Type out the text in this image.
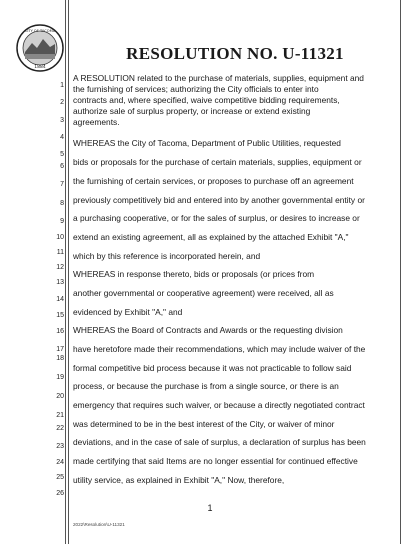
1884
CITY OF TACOMA
RESOLUTION NO. U-11321
1
2
3
4
5
6
7
8
9
10
11
12
13
14
15
16
17
18
19
20
21
22
23
24
25
26
A RESOLUTION related to the purchase of materials, supplies, equipment and
the furnishing of services; authorizing the City officials to enter into
contracts and, where specified, waive competitive bidding requirements,
authorize sale of surplus property, or increase or extend existing
agreements.
WHEREAS the City of Tacoma, Department of Public Utilities, requested
bids or proposals for the purchase of certain materials, supplies, equipment or
the furnishing of certain services, or proposes to purchase off an agreement
previously competitively bid and entered into by another governmental entity or
a purchasing cooperative, or for the sales of surplus, or desires to increase or
extend an existing agreement, all as explained by the attached Exhibit "A,"
which by this reference is incorporated herein, and
WHEREAS in response thereto, bids or proposals (or prices from
another governmental or cooperative agreement) were received, all as
evidenced by Exhibit "A," and
WHEREAS the Board of Contracts and Awards or the requesting division
have heretofore made their recommendations, which may include waiver of the
formal competitive bid process because it was not practicable to follow said
process, or because the purchase is from a single source, or there is an
emergency that requires such waiver, or because a directly negotiated contract
was determined to be in the best interest of the City, or waiver of minor
deviations, and in the case of sale of surplus, a declaration of surplus has been
made certifying that said Items are no longer essential for continued effective
utility service, as explained in Exhibit "A," Now, therefore,
1
2022\Resolution\U-11321
